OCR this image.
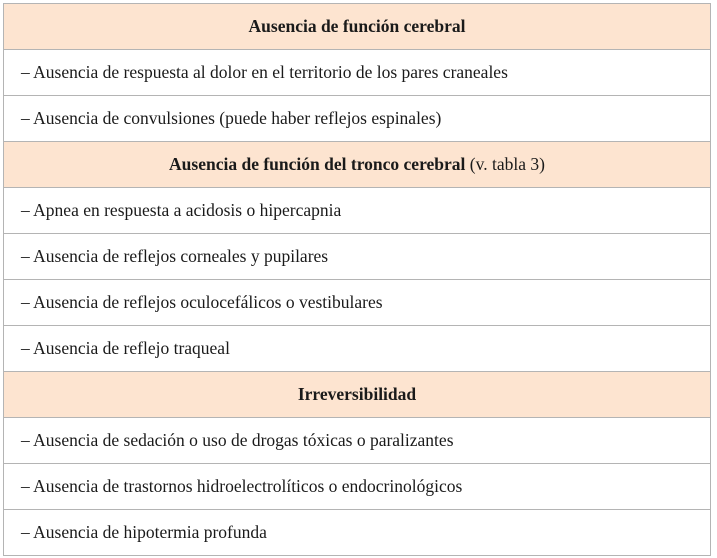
Ausencia de función cerebral
– Ausencia de respuesta al dolor en el territorio de los pares craneales
– Ausencia de convulsiones (puede haber reflejos espinales)
Ausencia de función del tronco cerebral (v. tabla 3)
– Apnea en respuesta a acidosis o hipercapnia
– Ausencia de reflejos corneales y pupilares
– Ausencia de reflejos oculocefálicos o vestibulares
– Ausencia de reflejo traqueal
Irreversibilidad
– Ausencia de sedación o uso de drogas tóxicas o paralizantes
– Ausencia de trastornos hidroelectrolíticos o endocrinológicos
– Ausencia de hipotermia profunda
